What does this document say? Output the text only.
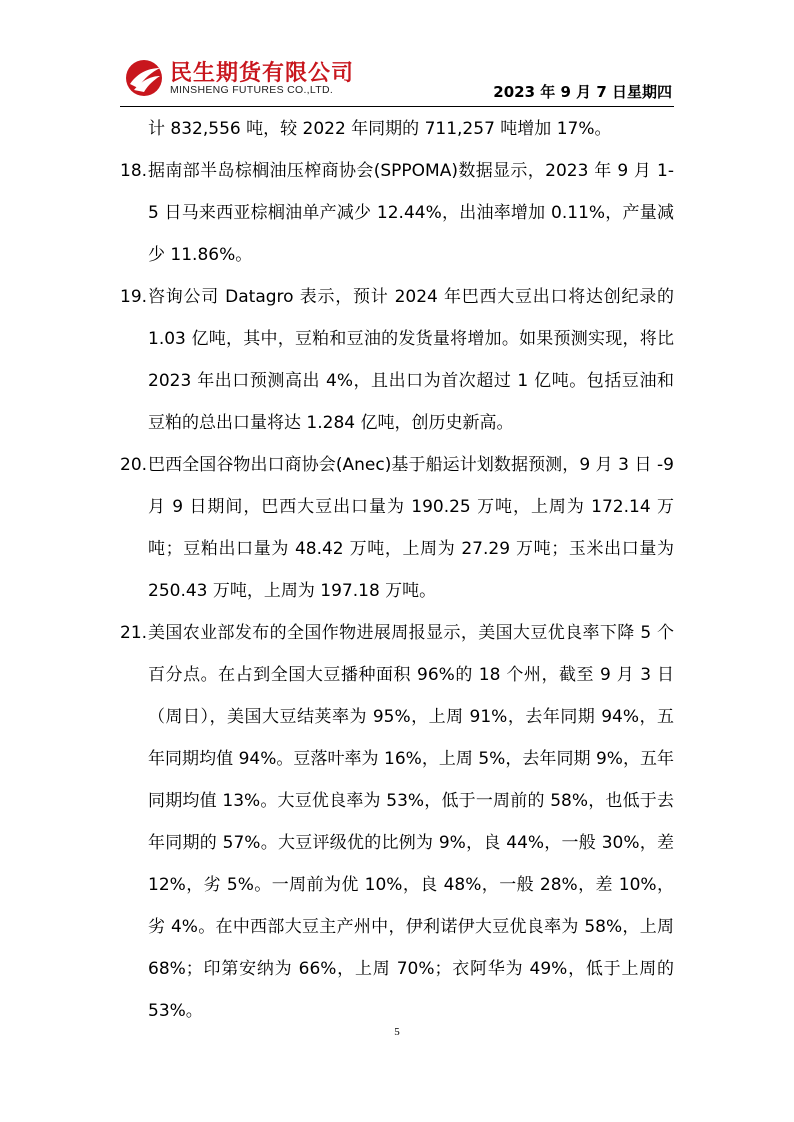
民生期货有限公司
MINSHENG FUTURES CO.,LTD.	2023 年 9 月 7 日星期四
计 832,556 吨，较 2022 年同期的 711,257 吨增加 17%。
18. 据南部半岛棕榈油压榨商协会(SPPOMA)数据显示，2023 年 9 月 1-5 日马来西亚棕榈油单产减少 12.44%，出油率增加 0.11%，产量减少 11.86%。
19. 咨询公司 Datagro 表示，预计 2024 年巴西大豆出口将达创纪录的 1.03 亿吨，其中，豆粕和豆油的发货量将增加。如果预测实现，将比 2023 年出口预测高出 4%，且出口为首次超过 1 亿吨。包括豆油和豆粕的总出口量将达 1.284 亿吨，创历史新高。
20. 巴西全国谷物出口商协会(Anec)基于船运计划数据预测，9 月 3 日 -9 月 9 日期间，巴西大豆出口量为 190.25 万吨，上周为 172.14 万吨；豆粕出口量为 48.42 万吨，上周为 27.29 万吨；玉米出口量为 250.43 万吨，上周为 197.18 万吨。
21. 美国农业部发布的全国作物进展周报显示，美国大豆优良率下降 5 个百分点。在占到全国大豆播种面积 96%的 18 个州，截至 9 月 3 日（周日），美国大豆结荚率为 95%，上周 91%，去年同期 94%，五年同期均值 94%。豆落叶率为 16%，上周 5%，去年同期 9%，五年同期均值 13%。大豆优良率为 53%，低于一周前的 58%，也低于去年同期的 57%。大豆评级优的比例为 9%，良 44%，一般 30%，差 12%，劣 5%。一周前为优 10%，良 48%，一般 28%，差 10%，劣 4%。在中西部大豆主产州中，伊利诺伊大豆优良率为 58%，上周 68%；印第安纳为 66%，上周 70%；衣阿华为 49%，低于上周的 53%。
5
